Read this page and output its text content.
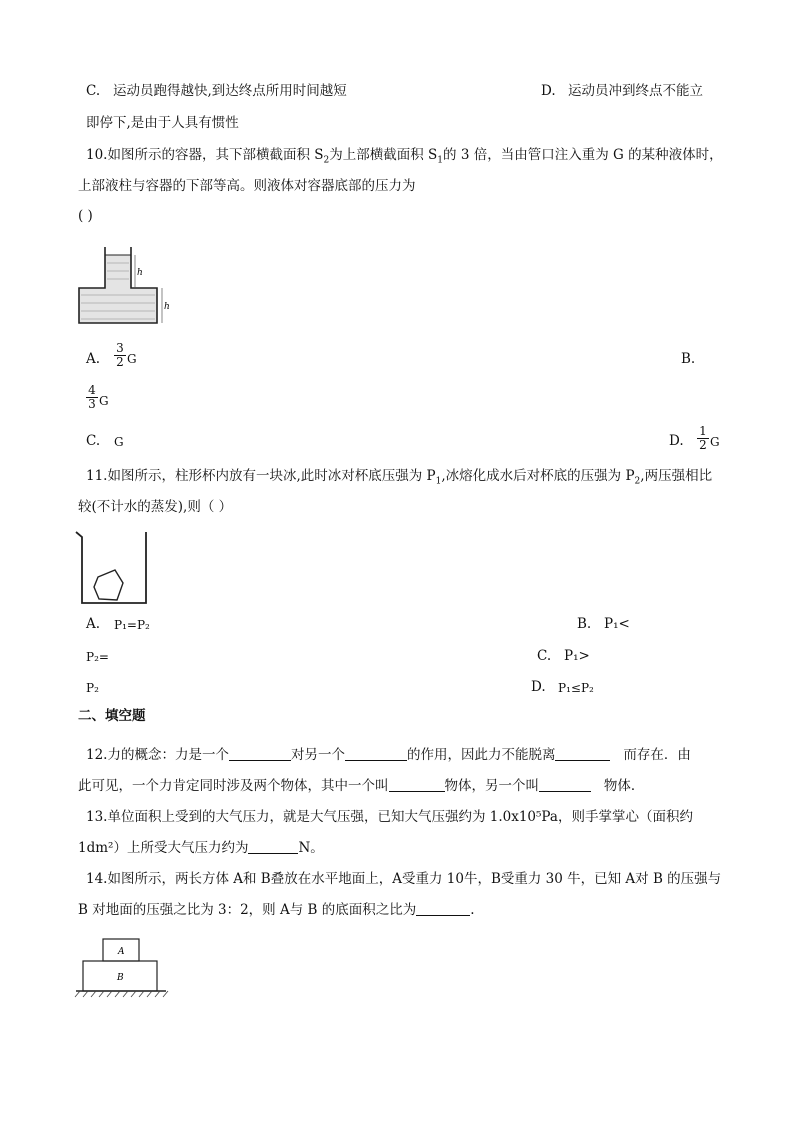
C. 运动员跑得越快,到达终点所用时间越短	D. 运动员冲到终点不能立
即停下,是由于人具有惯性
10.如图所示的容器，其下部横截面积 $S_2$为上部横截面积 $S_1$的 3 倍，当由管口注入重为 G 的某种液体时，
上部液柱与容器的下部等高。则液体对容器底部的压力为
( )
h
h
A. $\frac{3}{2}$ G	B.
$\frac{4}{3}$ G
C. G	D. $\frac{1}{2}$ G
11.如图所示，柱形杯内放有一块冰,此时冰对杯底压强为 $P_1$,冰熔化成水后对杯底的压强为 $P_2$,两压强相比
较(不计水的蒸发),则（ ）
A. P₁=P₂	B. P₁<
P₂=	C. P₁>
P₂	D. P₁≤P₂
二、填空题
12.力的概念：力是一个	对另一个	的作用，因此力不能脱离	而存在．由
此可见，一个力肯定同时涉及两个物体，其中一个叫	物体，另一个叫	物体．
13.单位面积上受到的大气压力，就是大气压强，已知大气压强约为 1.0x10⁵Pa，则手掌掌心（面积约
1dm²）上所受大气压力约为	N。
14.如图所示，两长方体 A和 B叠放在水平地面上，A受重力 10牛，B受重力 30 牛，已知 A对 B 的压强与
B 对地面的压强之比为 3：2，则 A与 B 的底面积之比为	.
A
B
